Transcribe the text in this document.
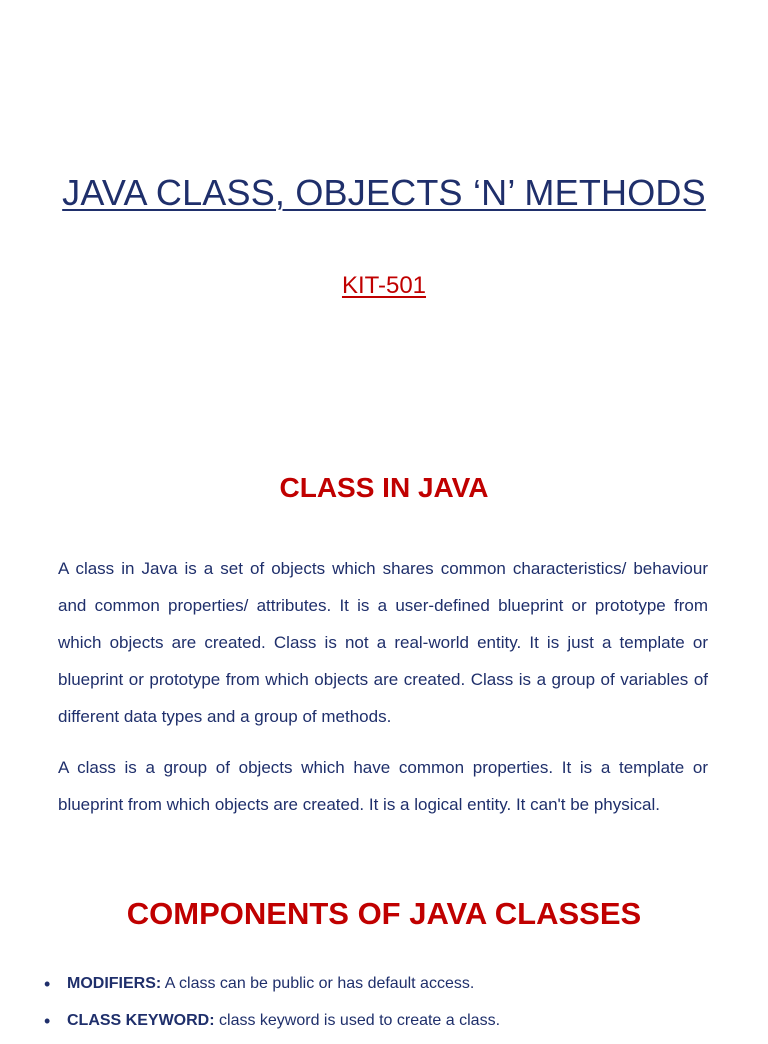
JAVA CLASS, OBJECTS ‘N’ METHODS
KIT-501
CLASS IN JAVA

A class in Java is a set of objects which shares common characteristics/ behaviour and common properties/ attributes. It is a user-defined blueprint or prototype from which objects are created. Class is not a real-world entity. It is just a template or blueprint or prototype from which objects are created. Class is a group of variables of different data types and a group of methods.

A class is a group of objects which have common properties. It is a template or blueprint from which objects are created. It is a logical entity. It can't be physical.

COMPONENTS OF JAVA CLASSES
• MODIFIERS: A class can be public or has default access.
• CLASS KEYWORD: class keyword is used to create a class.
